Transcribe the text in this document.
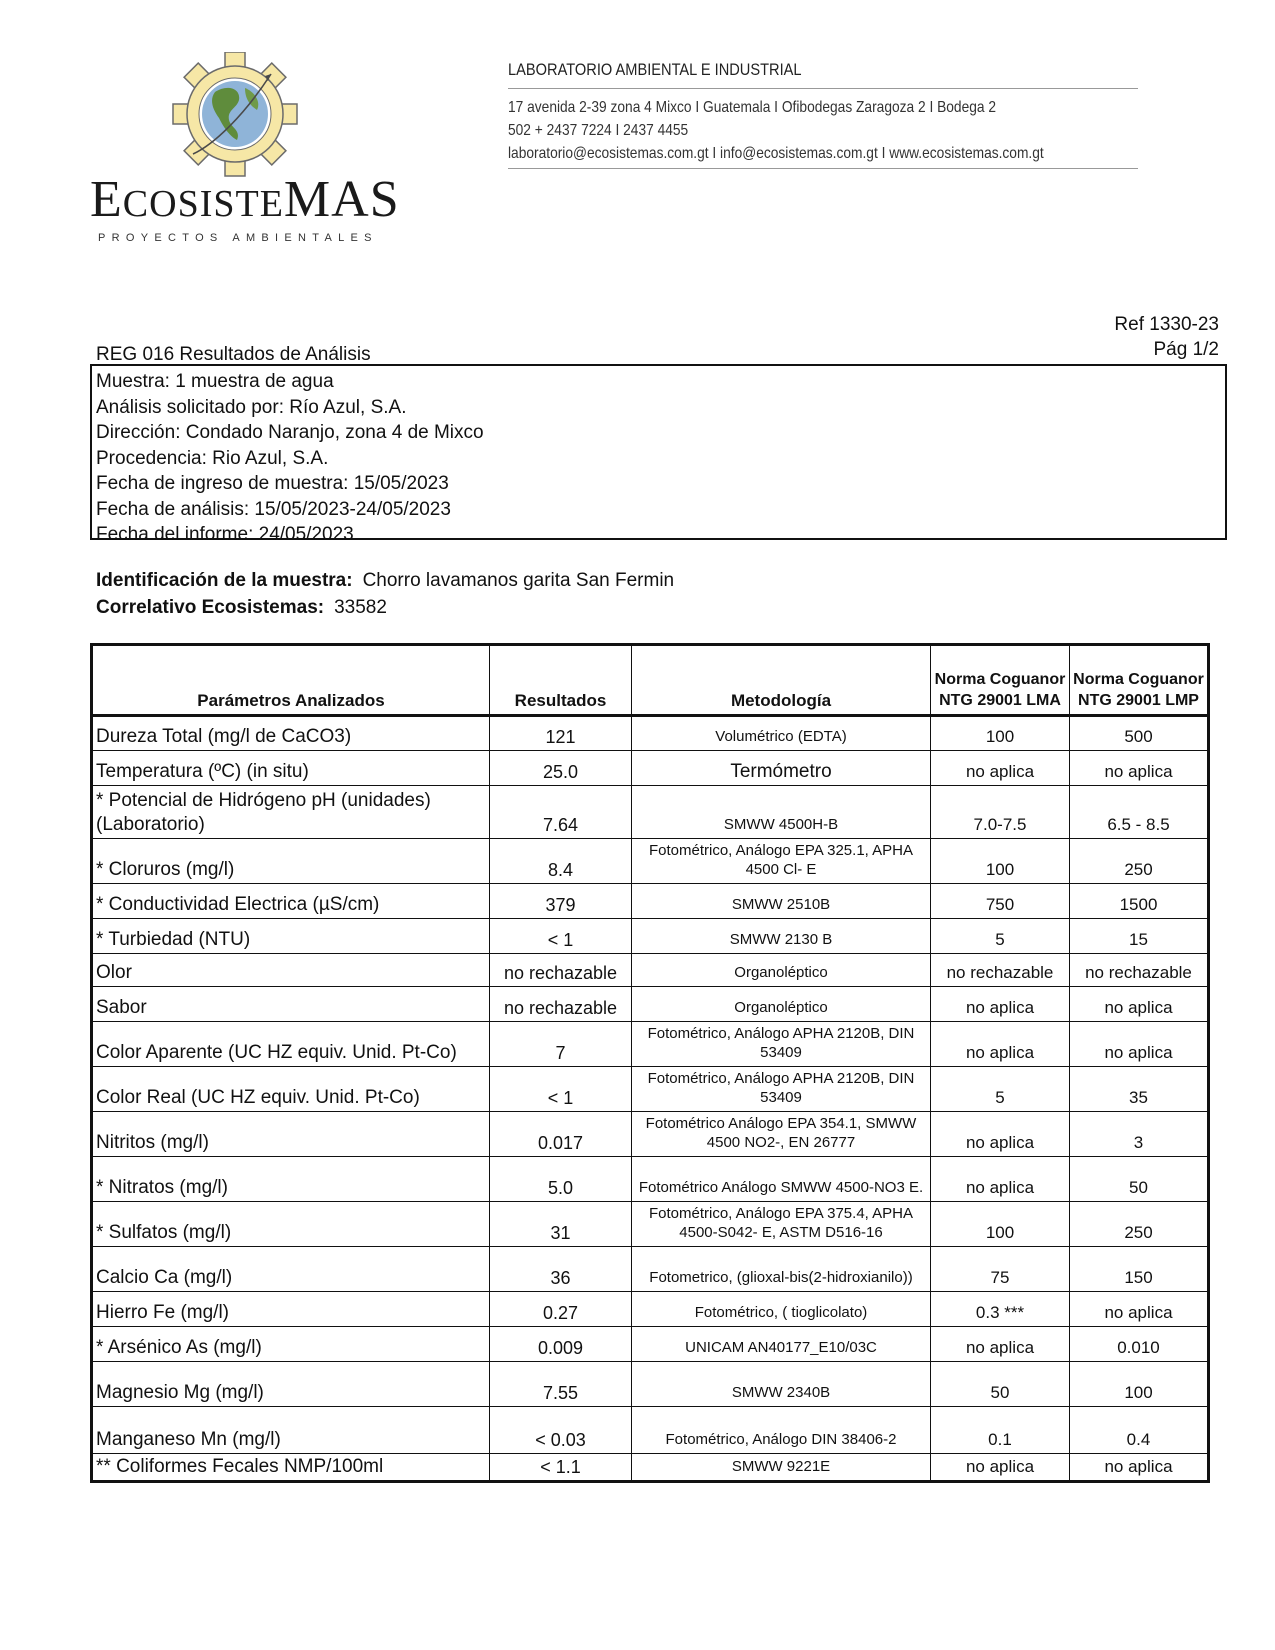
ECOSISTEMAS
PROYECTOS AMBIENTALES
LABORATORIO AMBIENTAL E INDUSTRIAL
17 avenida 2-39 zona 4 Mixco I Guatemala I Ofibodegas Zaragoza 2 I Bodega 2
502 + 2437 7224 I 2437 4455
laboratorio@ecosistemas.com.gt I info@ecosistemas.com.gt I www.ecosistemas.com.gt
Ref 1330-23
Pág 1/2
REG 016 Resultados de Análisis
Muestra: 1 muestra de agua
Análisis solicitado por: Río Azul, S.A.
Dirección: Condado Naranjo, zona 4 de Mixco
Procedencia: Rio Azul, S.A.
Fecha de ingreso de muestra: 15/05/2023
Fecha de análisis: 15/05/2023-24/05/2023
Fecha del informe: 24/05/2023
Identificación de la muestra: Chorro lavamanos garita San Fermin
Correlativo Ecosistemas: 33582
Parámetros Analizados	Resultados	Metodología	Norma Coguanor NTG 29001 LMA	Norma Coguanor NTG 29001 LMP
Dureza Total (mg/l de CaCO3)	121	Volumétrico (EDTA)	100	500
Temperatura (ºC) (in situ)	25.0	Termómetro	no aplica	no aplica
* Potencial de Hidrógeno pH (unidades) (Laboratorio)	7.64	SMWW 4500H-B	7.0-7.5	6.5 - 8.5
* Cloruros (mg/l)	8.4	Fotométrico, Análogo EPA 325.1, APHA 4500 Cl- E	100	250
* Conductividad Electrica (µS/cm)	379	SMWW 2510B	750	1500
* Turbiedad (NTU)	< 1	SMWW 2130 B	5	15
Olor	no rechazable	Organoléptico	no rechazable	no rechazable
Sabor	no rechazable	Organoléptico	no aplica	no aplica
Color Aparente (UC HZ equiv. Unid. Pt-Co)	7	Fotométrico, Análogo APHA 2120B, DIN 53409	no aplica	no aplica
Color Real (UC HZ equiv. Unid. Pt-Co)	< 1	Fotométrico, Análogo APHA 2120B, DIN 53409	5	35
Nitritos (mg/l)	0.017	Fotométrico Análogo EPA 354.1, SMWW 4500 NO2-, EN 26777	no aplica	3
* Nitratos (mg/l)	5.0	Fotométrico Análogo SMWW 4500-NO3 E.	no aplica	50
* Sulfatos (mg/l)	31	Fotométrico, Análogo EPA 375.4, APHA 4500-S042- E, ASTM D516-16	100	250
Calcio Ca (mg/l)	36	Fotometrico, (glioxal-bis(2-hidroxianilo))	75	150
Hierro Fe (mg/l)	0.27	Fotométrico, ( tioglicolato)	0.3 ***	no aplica
* Arsénico As (mg/l)	0.009	UNICAM AN40177_E10/03C	no aplica	0.010
Magnesio Mg (mg/l)	7.55	SMWW 2340B	50	100
Manganeso Mn (mg/l)	< 0.03	Fotométrico, Análogo DIN 38406-2	0.1	0.4
** Coliformes Fecales NMP/100ml	< 1.1	SMWW 9221E	no aplica	no aplica
